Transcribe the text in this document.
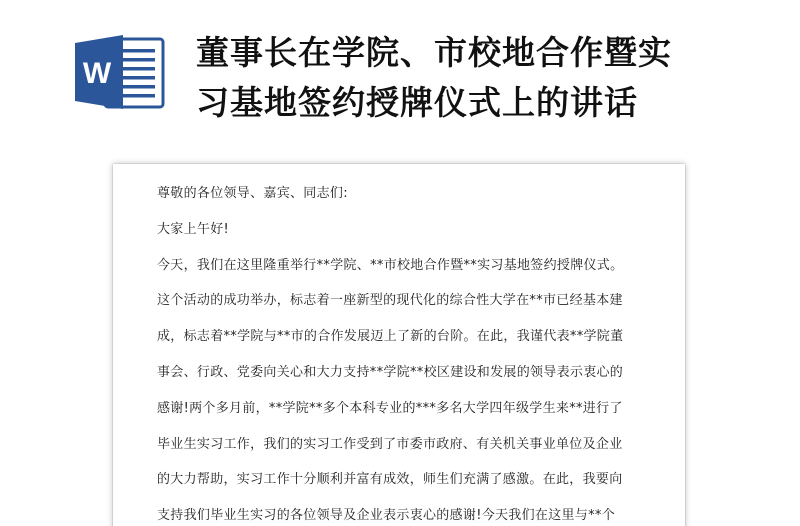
W
董事长在学院、市校地合作暨实
习基地签约授牌仪式上的讲话
尊敬的各位领导、嘉宾、同志们:
大家上午好!
今天，我们在这里隆重举行**学院、**市校地合作暨**实习基地签约授牌仪式。
这个活动的成功举办，标志着一座新型的现代化的综合性大学在**市已经基本建
成，标志着**学院与**市的合作发展迈上了新的台阶。在此，我谨代表**学院董
事会、行政、党委向关心和大力支持**学院**校区建设和发展的领导表示衷心的
感谢!两个多月前，**学院**多个本科专业的***多名大学四年级学生来**进行了
毕业生实习工作，我们的实习工作受到了市委市政府、有关机关事业单位及企业
的大力帮助，实习工作十分顺利并富有成效，师生们充满了感激。在此，我要向
支持我们毕业生实习的各位领导及企业表示衷心的感谢!今天我们在这里与**个
